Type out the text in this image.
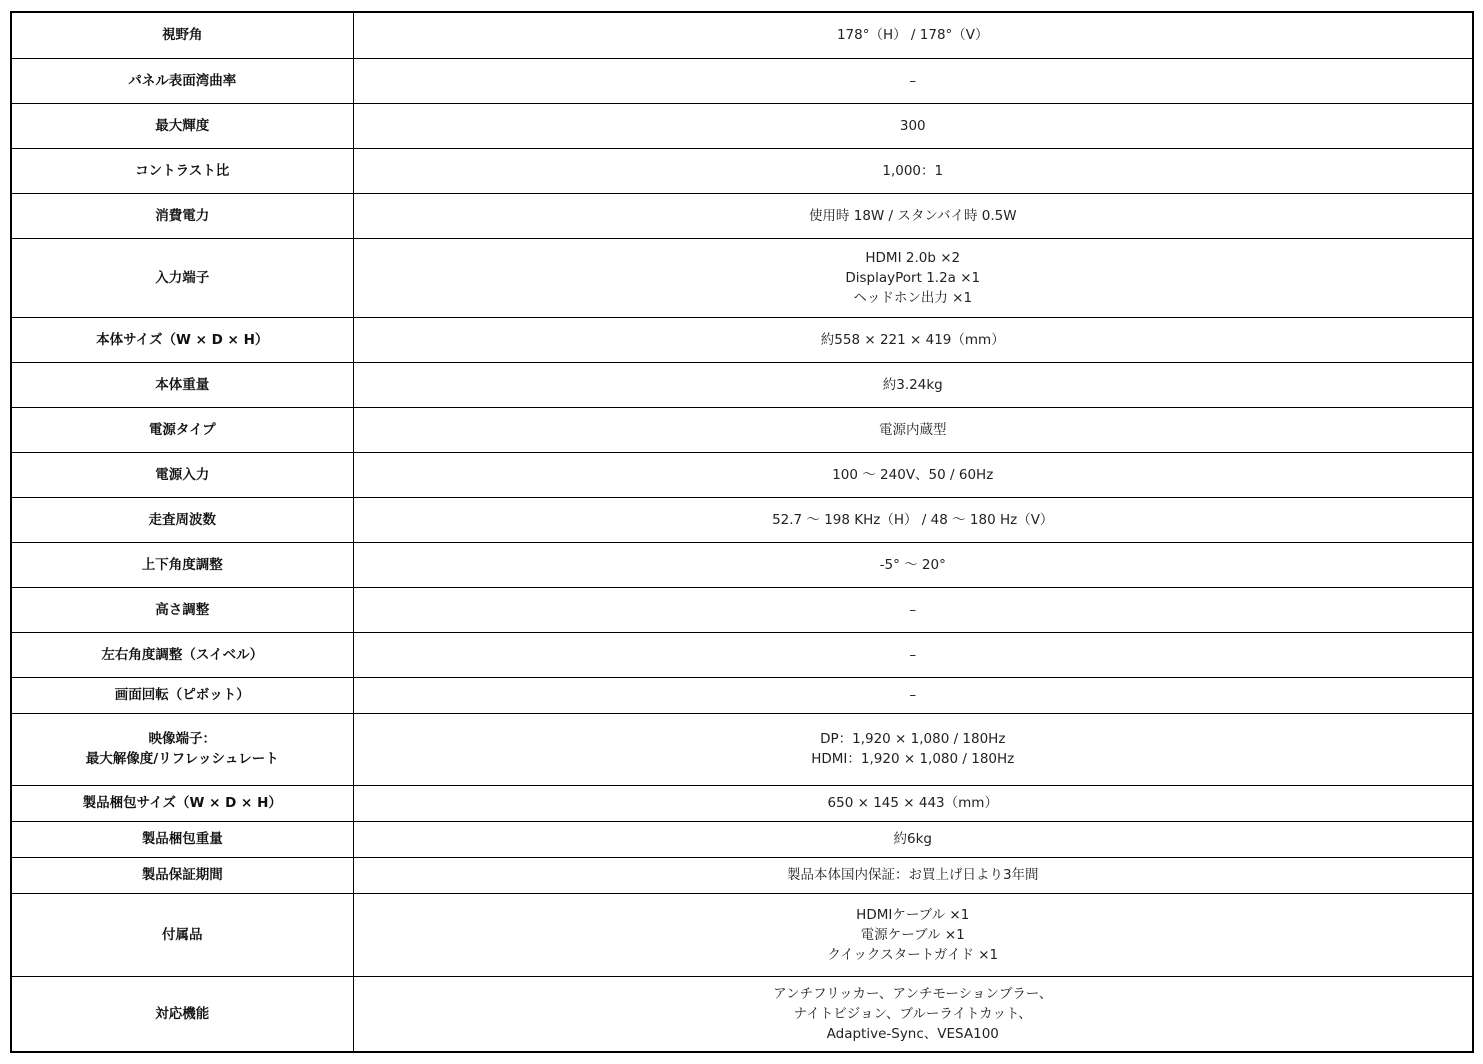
視野角	178°（H） / 178°（V）

パネル表面湾曲率	–

最大輝度	300

コントラスト比	1,000：1

消費電力	使用時 18W / スタンバイ時 0.5W

入力端子	HDMI 2.0b ×2
DisplayPort 1.2a ×1
ヘッドホン出力 ×1

本体サイズ（W × D × H）	約558 × 221 × 419（mm）

本体重量	約3.24kg

電源タイプ	電源内蔵型

電源入力	100 ～ 240V、50 / 60Hz

走査周波数	52.7 ～ 198 KHz（H） / 48 ～ 180 Hz（V）

上下角度調整	-5° ～ 20°

高さ調整	–

左右角度調整（スイベル）	–

画面回転（ピボット）	–

映像端子：
最大解像度/リフレッシュレート	DP：1,920 × 1,080 / 180Hz
HDMI：1,920 × 1,080 / 180Hz

製品梱包サイズ（W × D × H）	650 × 145 × 443（mm）

製品梱包重量	約6kg

製品保証期間	製品本体国内保証：お買上げ日より3年間

付属品	HDMIケーブル ×1
電源ケーブル ×1
クイックスタートガイド ×1

対応機能	アンチフリッカー、アンチモーションブラー、
ナイトビジョン、ブルーライトカット、
Adaptive-Sync、VESA100
